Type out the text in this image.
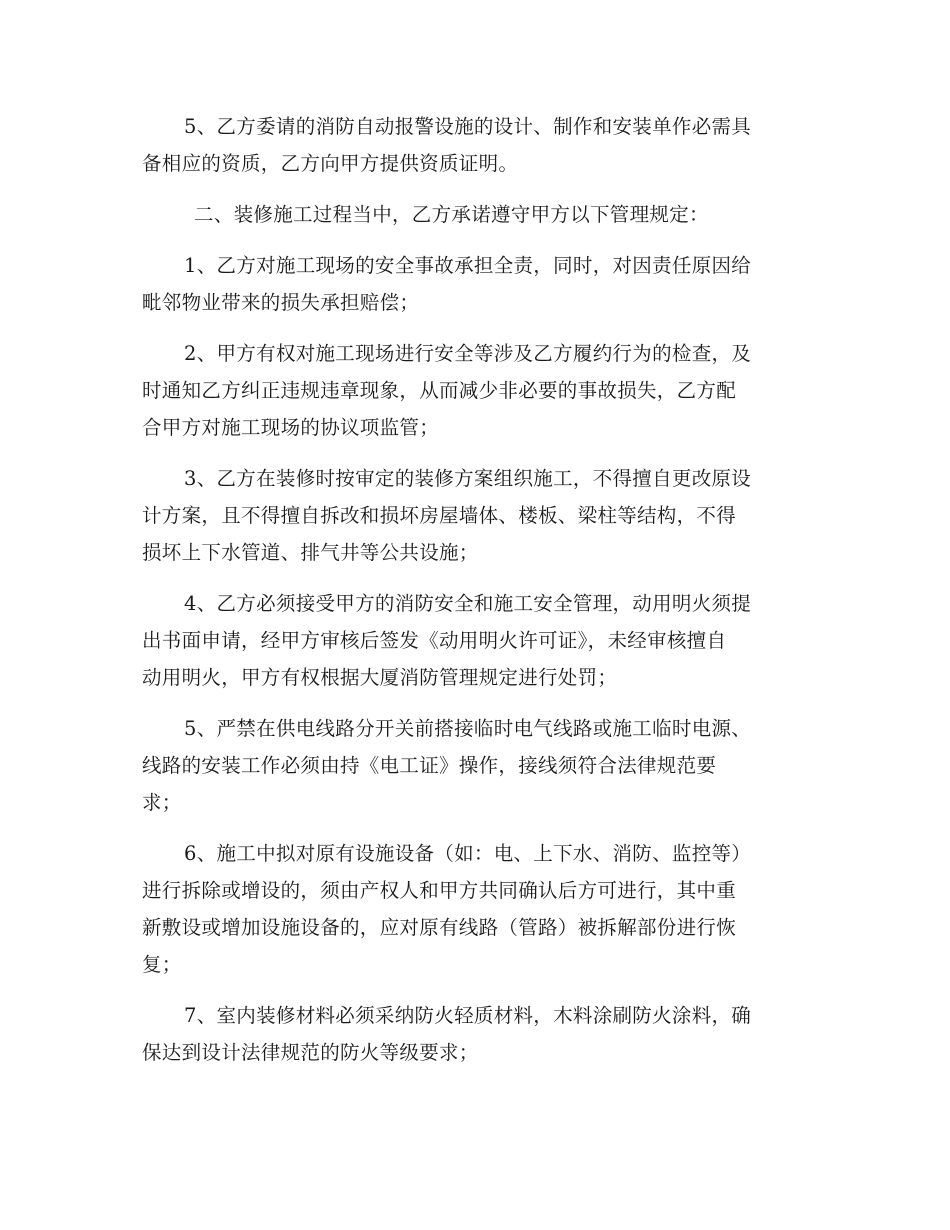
5、乙方委请的消防自动报警设施的设计、制作和安装单作必需具
备相应的资质，乙方向甲方提供资质证明。
二、装修施工过程当中，乙方承诺遵守甲方以下管理规定：
1、乙方对施工现场的安全事故承担全责，同时，对因责任原因给
毗邻物业带来的损失承担赔偿；
2、甲方有权对施工现场进行安全等涉及乙方履约行为的检查，及
时通知乙方纠正违规违章现象，从而减少非必要的事故损失，乙方配
合甲方对施工现场的协议项监管；
3、乙方在装修时按审定的装修方案组织施工，不得擅自更改原设
计方案，且不得擅自拆改和损坏房屋墙体、楼板、梁柱等结构，不得
损坏上下水管道、排气井等公共设施；
4、乙方必须接受甲方的消防安全和施工安全管理，动用明火须提
出书面申请，经甲方审核后签发《动用明火许可证》，未经审核擅自
动用明火，甲方有权根据大厦消防管理规定进行处罚；
5、严禁在供电线路分开关前搭接临时电气线路或施工临时电源、
线路的安装工作必须由持《电工证》操作，接线须符合法律规范要
求；
6、施工中拟对原有设施设备（如：电、上下水、消防、监控等）
进行拆除或增设的，须由产权人和甲方共同确认后方可进行，其中重
新敷设或增加设施设备的，应对原有线路（管路）被拆解部份进行恢
复；
7、室内装修材料必须采纳防火轻质材料，木料涂刷防火涂料，确
保达到设计法律规范的防火等级要求；
